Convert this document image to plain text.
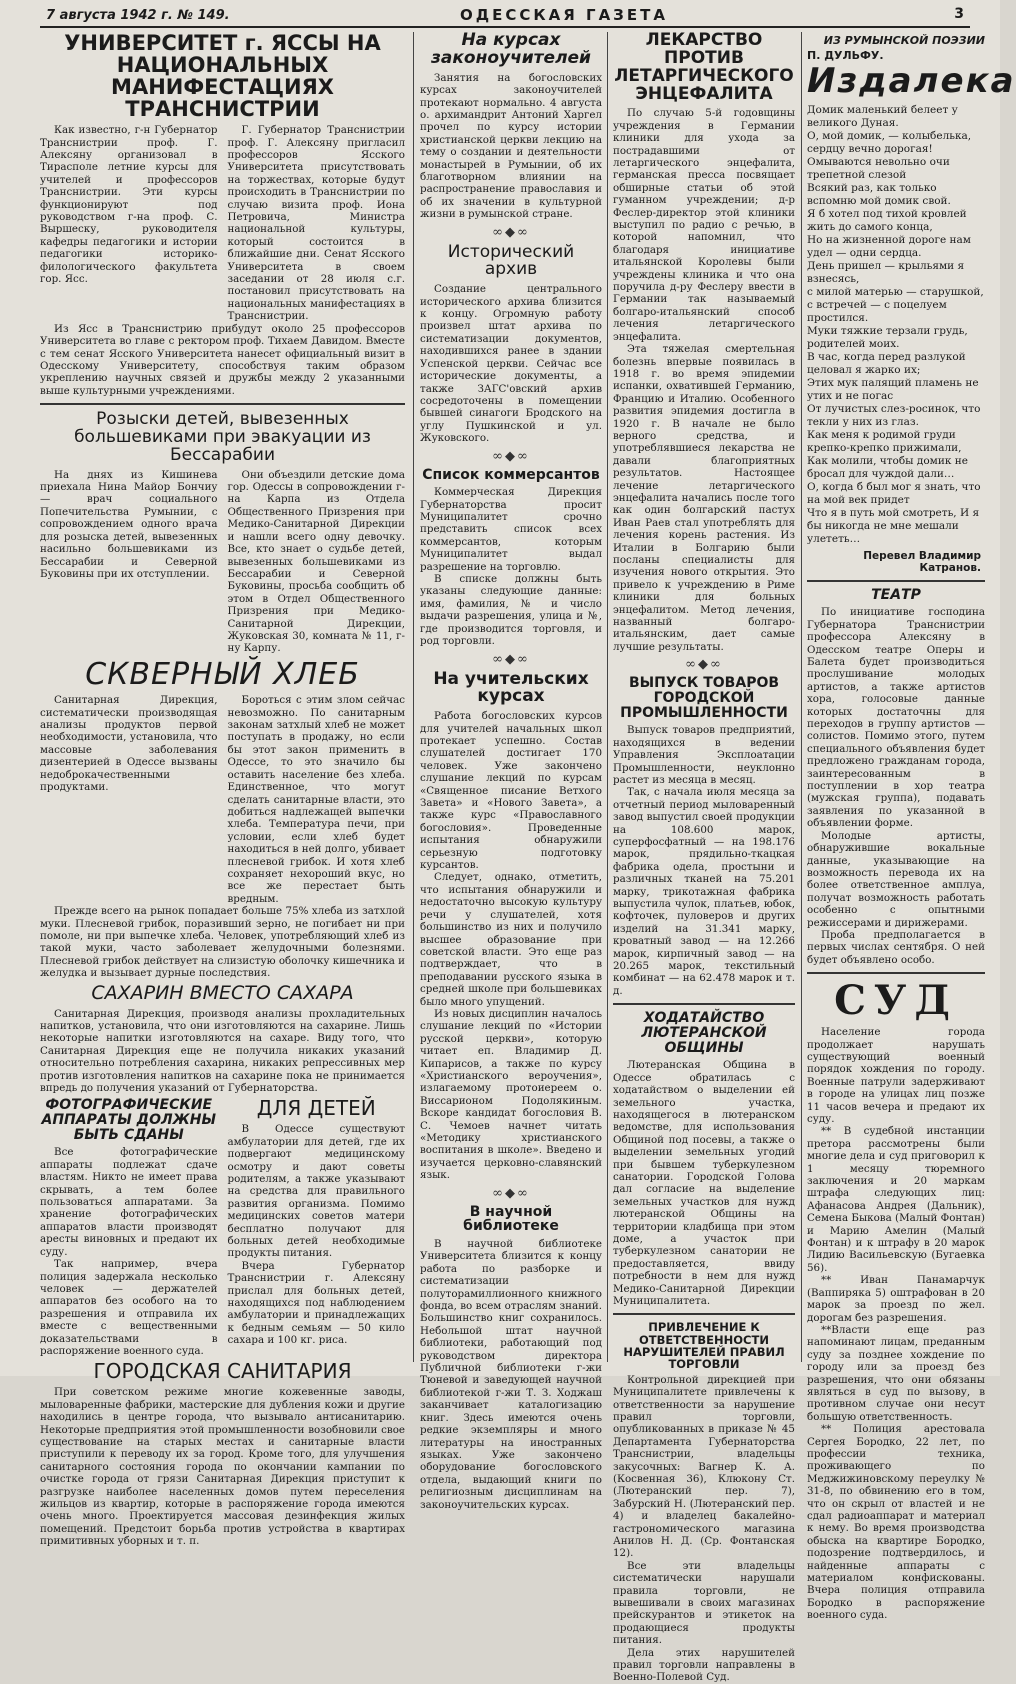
7 августа 1942 г. № 149.	ОДЕССКАЯ ГАЗЕТА	3
УНИВЕРСИТЕТ г. ЯССЫ НА НАЦИОНАЛЬНЫХ МАНИФЕСТАЦИЯХ ТРАНСНИСТРИИ

Как известно, г-н Губернатор Транснистрии проф. Г. Алексяну организовал в Тирасполе летние курсы для учителей и профессоров Транснистрии. Эти курсы функционируют под руководством г-на проф. С. Выршеску, руководителя кафедры педагогики и истории педагогики историко-филологического факультета гор. Ясс.

Г. Губернатор Транснистрии проф. Г. Алексяну пригласил профессоров Ясского Университета присутствовать на торжествах, которые будут происходить в Транснистрии по случаю визита проф. Иона Петровича, Министра национальной культуры, который состоится в ближайшие дни. Сенат Ясского Университета в своем заседании от 28 июля с.г. постановил присутствовать на национальных манифестациях в Транснистрии.

Из Ясс в Транснистрию прибудут около 25 профессоров Университета во главе с ректором проф. Тихаем Давидом. Вместе с тем сенат Ясского Университета нанесет официальный визит в Одесскому Университету, способствуя таким образом укреплению научных связей и дружбы между 2 указанными выше культурными учреждениями.

Розыски детей, вывезенных большевиками при эвакуации из Бессарабии

На днях из Кишинева приехала Нина Майор Бончиу — врач социального Попечительства Румынии, с сопровождением одного врача для розыска детей, вывезенных насильно большевиками из Бессарабии и Северной Буковины при их отступлении.

Они объездили детские дома гор. Одессы в сопровождении г-на Карпа из Отдела Общественного Призрения при Медико-Санитарной Дирекции и нашли всего одну девочку. Все, кто знает о судьбе детей, вывезенных большевиками из Бессарабии и Северной Буковины, просьба сообщить об этом в Отдел Общественного Призрения при Медико-Санитарной Дирекции, Жуковская 30, комната № 11, г-ну Карпу.

СКВЕРНЫЙ ХЛЕБ

Санитарная Дирекция, систематически производящая анализы продуктов первой необходимости, установила, что массовые заболевания дизентерией в Одессе вызваны недоброкачественными продуктами.

Бороться с этим злом сейчас невозможно. По санитарным законам затхлый хлеб не может поступать в продажу, но если бы этот закон применить в Одессе, то это значило бы оставить население без хлеба. Единственное, что могут сделать санитарные власти, это добиться надлежащей выпечки хлеба. Температура печи, при условии, если хлеб будет находиться в ней долго, убивает плесневой грибок. И хотя хлеб сохраняет нехороший вкус, но все же перестает быть вредным.

Прежде всего на рынок попадает больше 75% хлеба из затхлой муки. Плесневой грибок, поразивший зерно, не погибает ни при помоле, ни при выпечке хлеба. Человек, употребляющий хлеб из такой муки, часто заболевает желудочными болезнями. Плесневой грибок действует на слизистую оболочку кишечника и желудка и вызывает дурные последствия.

САХАРИН ВМЕСТО САХАРА

Санитарная Дирекция, производя анализы прохладительных напитков, установила, что они изготовляются на сахарине. Лишь некоторые напитки изготовляются на сахаре. Виду того, что Санитарная Дирекция еще не получила никаких указаний относительно потребления сахарина, никаких репрессивных мер против изготовления напитков на сахарине пока не принимается впредь до получения указаний от Губернаторства.

ФОТОГРАФИЧЕСКИЕ АППАРАТЫ ДОЛЖНЫ БЫТЬ СДАНЫ

Все фотографические аппараты подлежат сдаче властям. Никто не имеет права скрывать, а тем более пользоваться аппаратами. За хранение фотографических аппаратов власти производят аресты виновных и предают их суду.

Так например, вчера полиция задержала несколько человек — держателей аппаратов без особого на то разрешения и отправила их вместе с вещественными доказательствами в распоряжение военного суда.

ДЛЯ ДЕТЕЙ

В Одессе существуют амбулатории для детей, где их подвергают медицинскому осмотру и дают советы родителям, а также указывают на средства для правильного развития организма. Помимо медицинских советов матери бесплатно получают для больных детей необходимые продукты питания.

Вчера Губернатор Транснистрии г. Алексяну прислал для больных детей, находящихся под наблюдением амбулатории и принадлежащих к бедным семьям — 50 кило сахара и 100 кг. риса.

ГОРОДСКАЯ САНИТАРИЯ

При советском режиме многие кожевенные заводы, мыловаренные фабрики, мастерские для дубления кожи и другие находились в центре города, что вызывало антисанитарию. Некоторые предприятия этой промышленности возобновили свое существование на старых местах и санитарные власти приступили к переводу их за город. Кроме того, для улучшения санитарного состояния города по окончании кампании по очистке города от грязи Санитарная Дирекция приступит к разгрузке наиболее населенных домов путем переселения жильцов из квартир, которые в распоряжение города имеются очень много. Проектируется массовая дезинфекция жилых помещений. Предстоит борьба против устройства в квартирах примитивных уборных и т. п.

На курсах законоучителей

Занятия на богословских курсах законоучителей протекают нормально. 4 августа о. архимандрит Антоний Харгел прочел по курсу истории христианской церкви лекцию на тему о создании и деятельности монастырей в Румынии, об их благотворном влиянии на распространение православия и об их значении в культурной жизни в румынской стране.

∞◆∞
Исторический архив

Создание центрального исторического архива близится к концу. Огромную работу произвел штат архива по систематизации документов, находившихся ранее в здании Успенской церкви. Сейчас все исторические документы, а также ЗАГС'овский архив сосредоточены в помещении бывшей синагоги Бродского на углу Пушкинской и ул. Жуковского.

∞◆∞
Список коммерсантов

Коммерческая Дирекция Губернаторства просит Муниципалитет срочно представить список всех коммерсантов, которым Муниципалитет выдал разрешение на торговлю.

В списке должны быть указаны следующие данные: имя, фамилия, № и число выдачи разрешения, улица и №, где производится торговля, и род торговли.

∞◆∞
На учительских курсах

Работа богословских курсов для учителей начальных школ протекает успешно. Состав слушателей достигает 170 человек. Уже закончено слушание лекций по курсам «Священное писание Ветхого Завета» и «Нового Завета», а также курс «Православного богословия». Проведенные испытания обнаружили серьезную подготовку курсантов.

Следует, однако, отметить, что испытания обнаружили и недостаточно высокую культуру речи у слушателей, хотя большинство из них и получило высшее образование при советской власти. Это еще раз подтверждает, что в преподавании русского языка в средней школе при большевиках было много упущений.

Из новых дисциплин началось слушание лекций по «Истории русской церкви», которую читает еп. Владимир Д. Кипарисов, а также по курсу «Христианского вероучения», излагаемому протоиереем о. Виссарионом Подолякиным. Вскоре кандидат богословия В. С. Чемоев начнет читать «Методику христианского воспитания в школе». Введено и изучается церковно-славянский язык.

∞◆∞
В научной библиотеке

В научной библиотеке Университета близится к концу работа по разборке и систематизации полуторамиллионного книжного фонда, во всем отраслям знаний. Большинство книг сохранилось. Небольшой штат научной библиотеки, работающий под руководством директора Публичной библиотеки г-жи Тюневой и заведующей научной библиотекой г-жи Т. З. Ходжаш заканчивает каталогизацию книг. Здесь имеются очень редкие экземпляры и много литературы на иностранных языках. Уже закончено оборудование богословского отдела, выдающий книги по религиозным дисциплинам на законоучительских курсах.

ЛЕКАРСТВО ПРОТИВ ЛЕТАРГИЧЕСКОГО ЭНЦЕФАЛИТА

По случаю 5-й годовщины учреждения в Германии клиники для ухода за пострадавшими от летаргического энцефалита, германская пресса посвящает обширные статьи об этой гуманном учреждении; д-р Феслер-директор этой клиники выступил по радио с речью, в которой напомнил, что благодаря инициативе итальянской Королевы были учреждены клиника и что она поручила д-ру Феслеру ввести в Германии так называемый болгаро-итальянский способ лечения летаргического энцефалита.

Эта тяжелая смертельная болезнь впервые появилась в 1918 г. во время эпидемии испанки, охватившей Германию, Францию и Италию. Особенного развития эпидемия достигла в 1920 г. В начале не было верного средства, и употреблявшиеся лекарства не давали благоприятных результатов. Настоящее лечение летаргического энцефалита начались после того как один болгарский пастух Иван Раев стал употреблять для лечения корень растения. Из Италии в Болгарию были посланы специалисты для изучения нового открытия. Это привело к учреждению в Риме клиники для больных энцефалитом. Метод лечения, названный болгаро-итальянским, дает самые лучшие результаты.

∞◆∞
ВЫПУСК ТОВАРОВ ГОРОДСКОЙ ПРОМЫШЛЕННОСТИ

Выпуск товаров предприятий, находящихся в ведении Управления Эксплоатации Промышленности, неуклонно растет из месяца в месяц.

Так, с начала июля месяца за отчетный период мыловаренный завод выпустил своей продукции на 108.600 марок, суперфосфатный — на 198.176 марок, прядильно-ткацкая фабрика одела, простыни и различных тканей на 75.201 марку, трикотажная фабрика выпустила чулок, платьев, юбок, кофточек, пуловеров и других изделий на 31.341 марку, кроватный завод — на 12.266 марок, кирпичный завод — на 20.265 марок, текстильный комбинат — на 62.478 марок и т. д.

ХОДАТАЙСТВО ЛЮТЕРАНСКОЙ ОБЩИНЫ

Лютеранская Община в Одессе обратилась с ходатайством о выделении ей земельного участка, находящегося в лютеранском ведомстве, для использования Общиной под посевы, а также о выделении земельных угодий при бывшем туберкулезном санатории. Городской Голова дал согласие на выделение земельных участков для нужд лютеранской Общины на территории кладбища при этом доме, а участок при туберкулезном санатории не предоставляется, ввиду потребности в нем для нужд Медико-Санитарной Дирекции Муниципалитета.

ПРИВЛЕЧЕНИЕ К ОТВЕТСТВЕННОСТИ НАРУШИТЕЛЕЙ ПРАВИЛ ТОРГОВЛИ

Контрольной дирекцией при Муниципалитете привлечены к ответственности за нарушение правил торговли, опубликованных в приказе № 45 Департамента Губернаторства Транснистрии, владельцы закусочных: Вагнер К. А. (Косвенная 36), Клюкону Ст. (Лютеранский пер. 7), Забурский Н. (Лютеранский пер. 4) и владелец бакалейно-гастрономического магазина Анилов Н. Д. (Ср. Фонтанская 12).

Все эти владельцы систематически нарушали правила торговли, не вывешивали в своих магазинах прейскурантов и этикеток на продающиеся продукты питания.

Дела этих нарушителей правил торговли направлены в Военно-Полевой Суд.

ИЗ РУМЫНСКОЙ ПОЭЗИИ
П. ДУЛЬФУ.
Издалека

Домик маленький белеет у великого Дуная.
О, мой домик, — колыбелька, сердцу вечно дорогая!
Омываются невольно очи трепетной слезой
Всякий раз, как только вспомню мой домик свой.
Я б хотел под тихой кровлей жить до самого конца,
Но на жизненной дороге нам удел — одни сердца.
День пришел — крыльями я взнесясь,
с милой матерью — старушкой, с встречей — с поцелуем простился.
Муки тяжкие терзали грудь, родителей моих.
В час, когда перед разлукой целовал я жарко их;
Этих мук палящий пламень не утих и не погас
От лучистых слез-росинок, что текли у них из глаз.
Как меня к родимой груди крепко-крепко прижимали,
Как молили, чтобы домик не бросал для чуждой дали…
О, когда б был мог я знать, что на мой век придет
Что я в путь мой смотреть, И я бы никогда не мне мешали улететь…

Перевел Владимир Катранов.
ТЕАТР

По инициативе господина Губернатора Транснистрии профессора Алексяну в Одесском театре Оперы и Балета будет производиться прослушивание молодых артистов, а также артистов хора, голосовые данные которых достаточны для переходов в группу артистов — солистов. Помимо этого, путем специального объявления будет предложено гражданам города, заинтересованным в поступлении в хор театра (мужская группа), подавать заявления по указанной в объявлении форме.

Молодые артисты, обнаружившие вокальные данные, указывающие на возможность перевода их на более ответственное амплуа, получат возможность работать особенно с опытными режиссерами и дирижерами.

Проба предполагается в первых числах сентября. О ней будет объявлено особо.

СУД

Население города продолжает нарушать существующий военный порядок хождения по городу. Военные патрули задерживают в городе на улицах лиц позже 11 часов вечера и предают их суду.

** В судебной инстанции претора рассмотрены были многие дела и суд приговорил к 1 месяцу тюремного заключения и 20 маркам штрафа следующих лиц: Афанасова Андрея (Дальник), Семена Быкова (Малый Фонтан) и Марию Амелин (Малый Фонтан) и к штрафу в 20 марок Лидию Васильевскую (Бугаевка 56).

** Иван Панамарчук (Ваппиряка 5) оштрафован в 20 марок за проезд по жел. дорогам без разрешения.

**Власти еще раз напоминают лицам, преданным суду за позднее хождение по городу или за проезд без разрешения, что они обязаны являться в суд по вызову, в противном случае они несут большую ответственность.

** Полиция арестовала Сергея Бородко, 22 лет, по профессии техника, проживающего по Меджижиновскому переулку № 31-8, по обвинению его в том, что он скрыл от властей и не сдал радиоаппарат и материал к нему. Во время производства обыска на квартире Бородко, подозрение подтвердилось, и найденные аппараты с материалом конфискованы. Вчера полиция отправила Бородко в распоряжение военного суда.
